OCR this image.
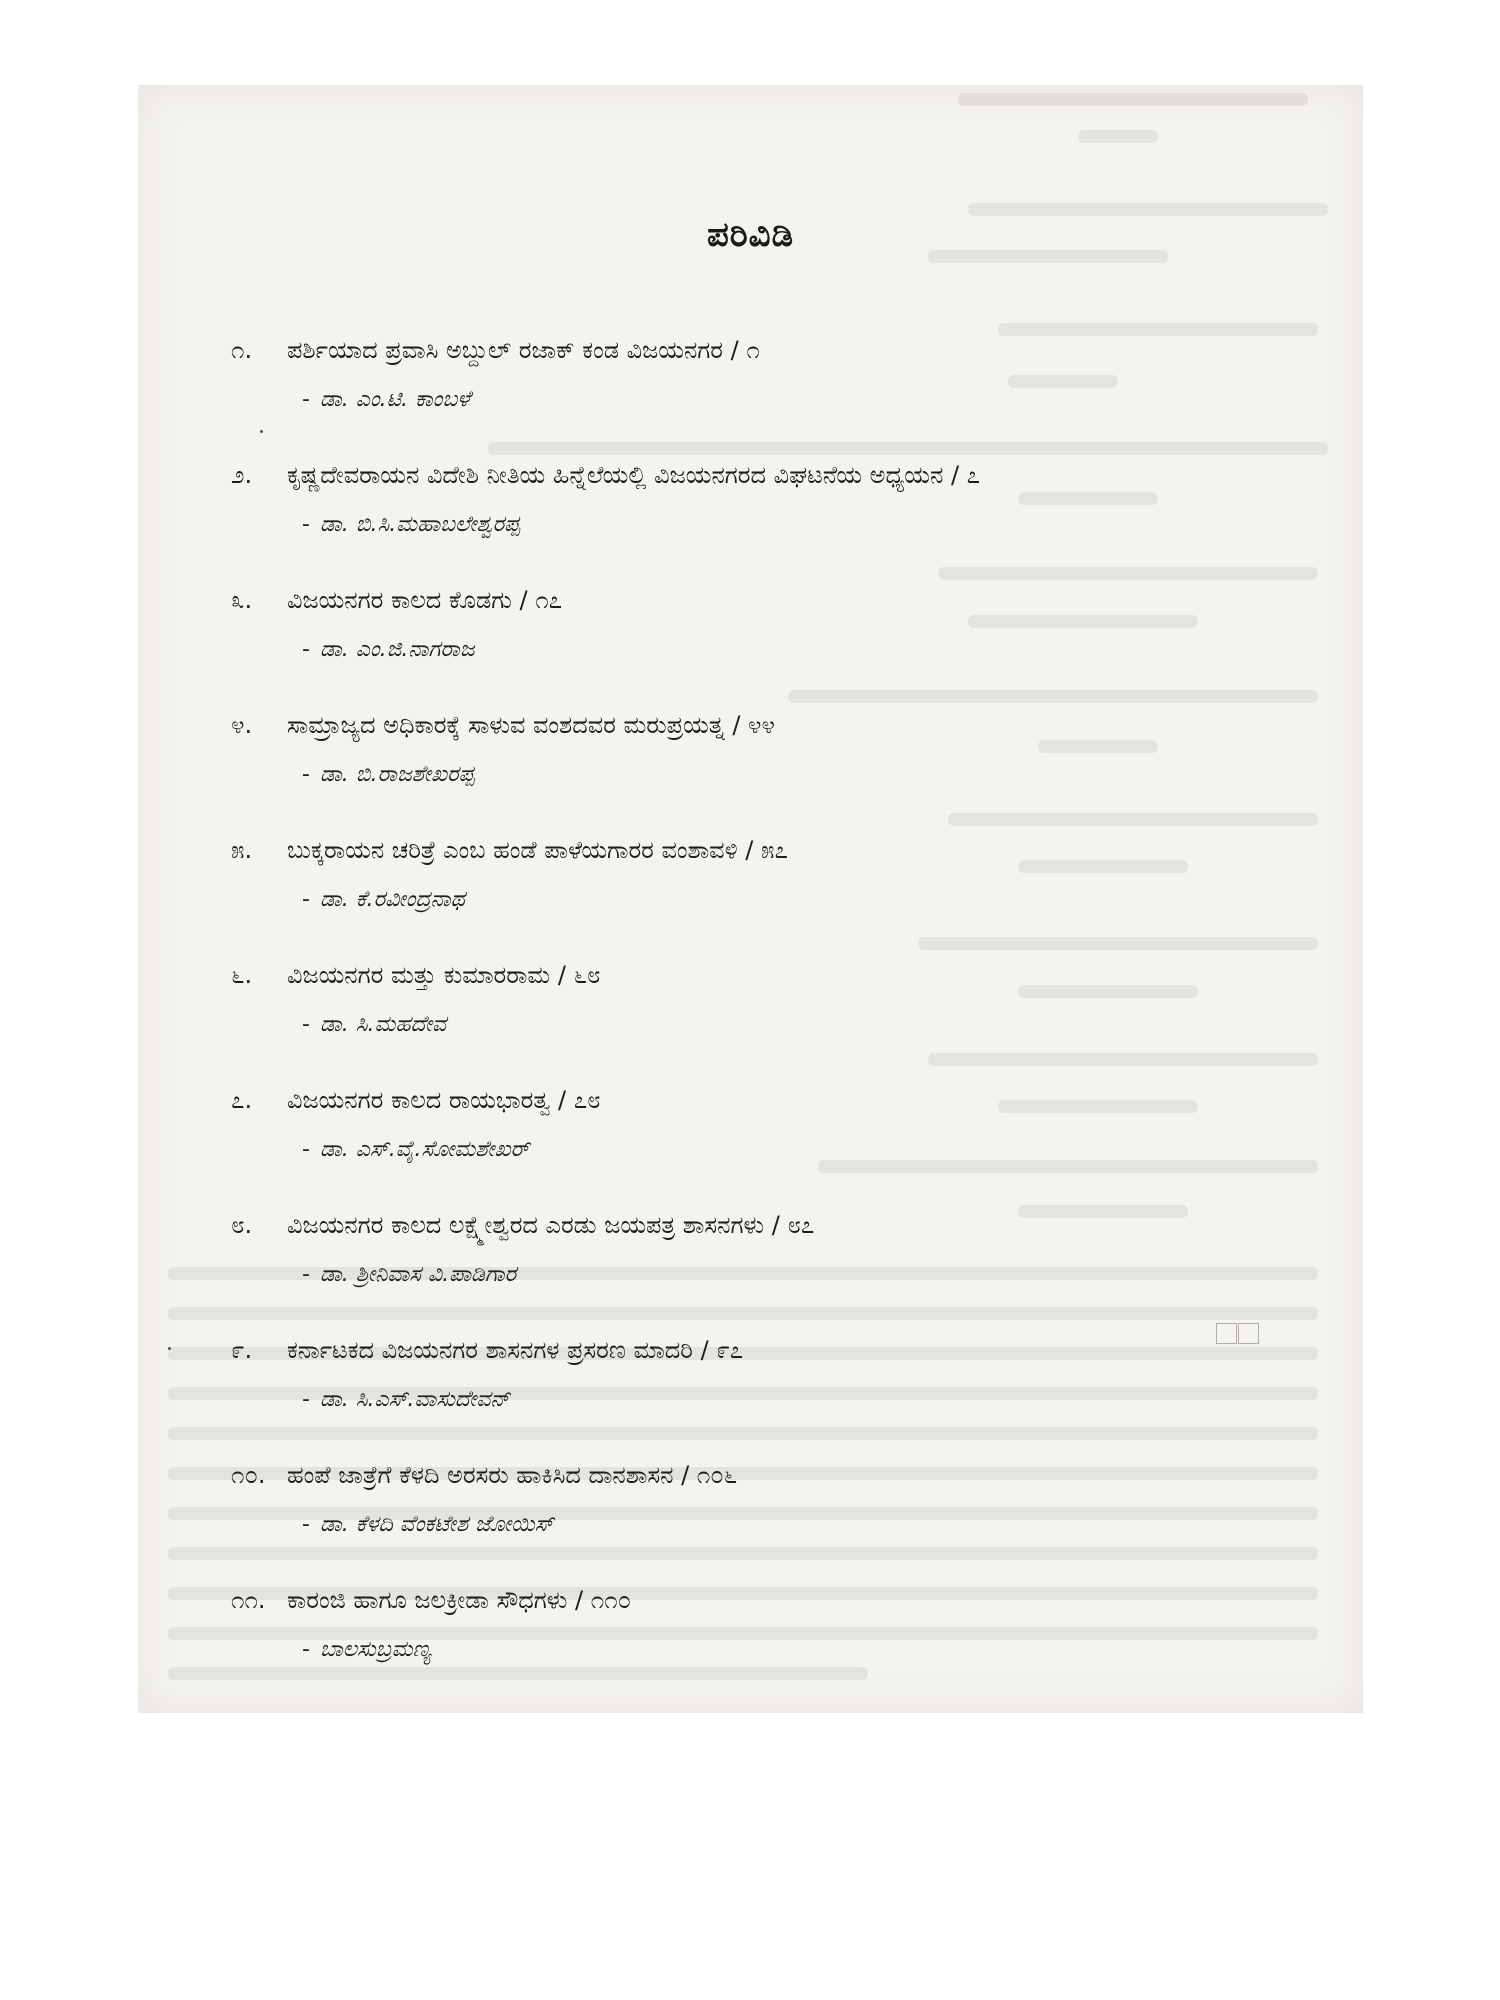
ಪರಿವಿಡಿ
೧. ಪರ್ಶಿಯಾದ ಪ್ರವಾಸಿ ಅಬ್ದುಲ್ ರಜಾಕ್ ಕಂಡ ವಿಜಯನಗರ / ೧
- ಡಾ. ಎಂ.ಟಿ. ಕಾಂಬಳೆ
೨. ಕೃಷ್ಣದೇವರಾಯನ ವಿದೇಶಿ ನೀತಿಯ ಹಿನ್ನೆಲೆಯಲ್ಲಿ ವಿಜಯನಗರದ ವಿಘಟನೆಯ ಅಧ್ಯಯನ / ೭
- ಡಾ. ಬಿ.ಸಿ.ಮಹಾಬಲೇಶ್ವರಪ್ಪ
೩. ವಿಜಯನಗರ ಕಾಲದ ಕೊಡಗು / ೧೭
- ಡಾ. ಎಂ.ಜಿ.ನಾಗರಾಜ
೪. ಸಾಮ್ರಾಜ್ಯದ ಅಧಿಕಾರಕ್ಕೆ ಸಾಳುವ ವಂಶದವರ ಮರುಪ್ರಯತ್ನ / ೪೪
- ಡಾ. ಬಿ.ರಾಜಶೇಖರಪ್ಪ
೫. ಬುಕ್ಕರಾಯನ ಚರಿತ್ರೆ ಎಂಬ ಹಂಡೆ ಪಾಳೆಯಗಾರರ ವಂಶಾವಳಿ / ೫೭
- ಡಾ. ಕೆ.ರವೀಂದ್ರನಾಥ
೬. ವಿಜಯನಗರ ಮತ್ತು ಕುಮಾರರಾಮ / ೬೮
- ಡಾ. ಸಿ.ಮಹದೇವ
೭. ವಿಜಯನಗರ ಕಾಲದ ರಾಯಭಾರತ್ವ / ೭೮
- ಡಾ. ಎಸ್.ವೈ.ಸೋಮಶೇಖರ್
೮. ವಿಜಯನಗರ ಕಾಲದ ಲಕ್ಷ್ಮೇಶ್ವರದ ಎರಡು ಜಯಪತ್ರ ಶಾಸನಗಳು / ೮೭
- ಡಾ. ಶ್ರೀನಿವಾಸ ವಿ.ಪಾಡಿಗಾರ
೯. ಕರ್ನಾಟಕದ ವಿಜಯನಗರ ಶಾಸನಗಳ ಪ್ರಸರಣ ಮಾದರಿ / ೯೭
- ಡಾ. ಸಿ.ಎಸ್.ವಾಸುದೇವನ್
೧೦. ಹಂಪೆ ಜಾತ್ರೆಗೆ ಕೆಳದಿ ಅರಸರು ಹಾಕಿಸಿದ ದಾನಶಾಸನ / ೧೦೬
- ಡಾ. ಕೆಳದಿ ವೆಂಕಟೇಶ ಜೋಯಿಸ್
೧೧. ಕಾರಂಜಿ ಹಾಗೂ ಜಲಕ್ರೀಡಾ ಸೌಧಗಳು / ೧೧೦
- ಬಾಲಸುಬ್ರಮಣ್ಯ
